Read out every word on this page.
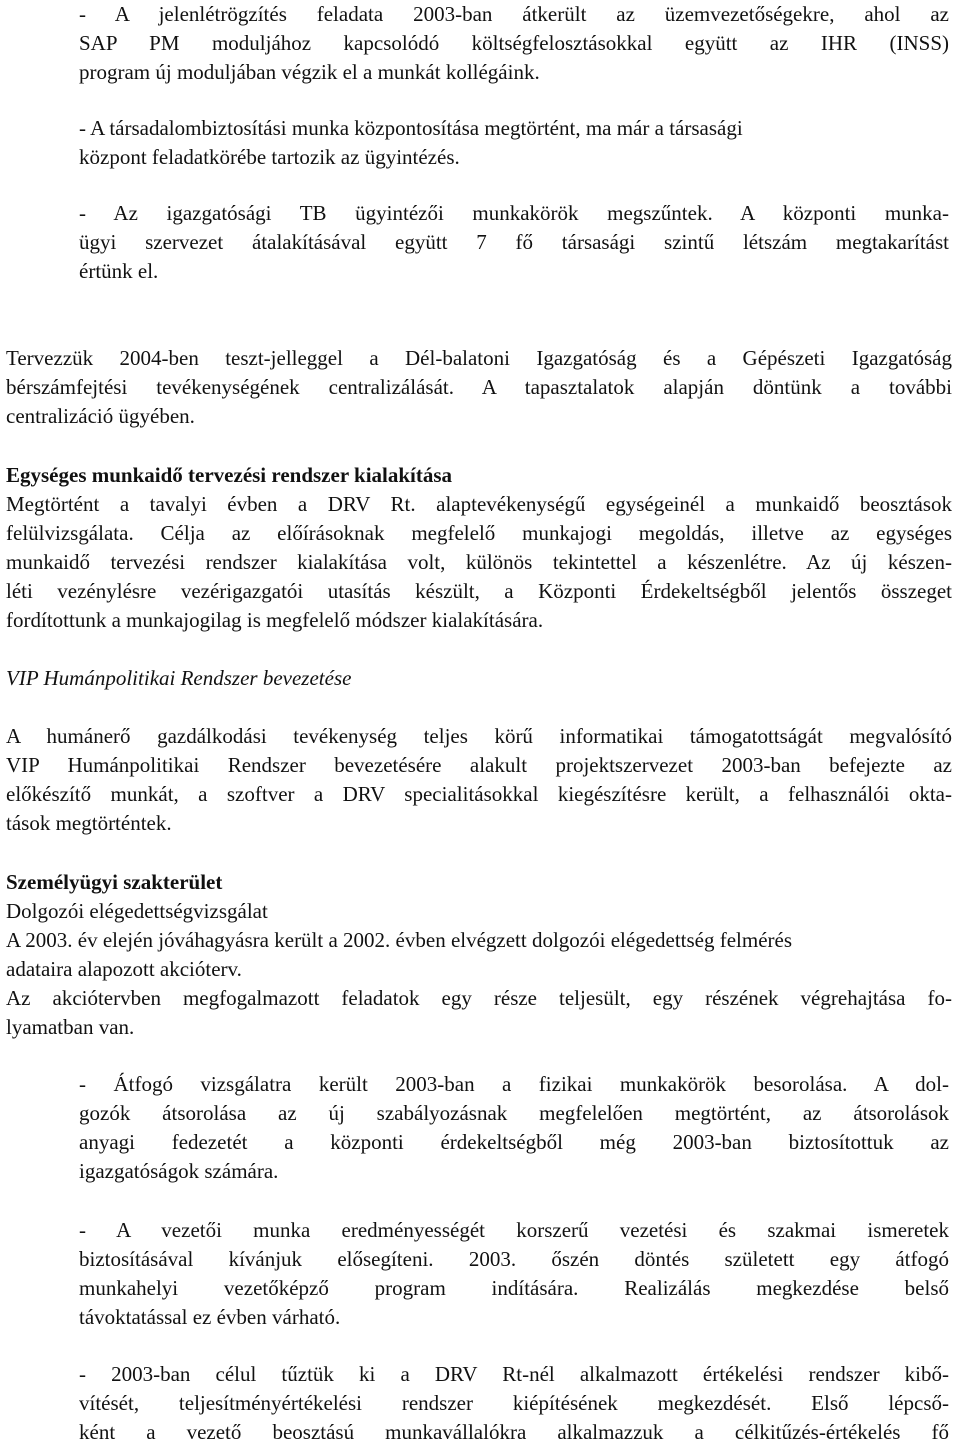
- A jelenlétrögzítés feladata 2003-ban átkerült az üzemvezetőségekre, ahol az
SAP PM moduljához kapcsolódó költségfelosztásokkal együtt az IHR (INSS)
program új moduljában végzik el a munkát kollégáink.
- A társadalombiztosítási munka központosítása megtörtént, ma már a társasági
központ feladatkörébe tartozik az ügyintézés.
- Az igazgatósági TB ügyintézői munkakörök megszűntek. A központi munka-
ügyi szervezet átalakításával együtt 7 fő társasági szintű létszám megtakarítást
értünk el.
Tervezzük 2004-ben teszt-jelleggel a Dél-balatoni Igazgatóság és a Gépészeti Igazgatóság
bérszámfejtési tevékenységének centralizálását. A tapasztalatok alapján döntünk a további
centralizáció ügyében.
Egységes munkaidő tervezési rendszer kialakítása
Megtörtént a tavalyi évben a DRV Rt. alaptevékenységű egységeinél a munkaidő beosztások
felülvizsgálata. Célja az előírásoknak megfelelő munkajogi megoldás, illetve az egységes
munkaidő tervezési rendszer kialakítása volt, különös tekintettel a készenlétre. Az új készen-
léti vezénylésre vezérigazgatói utasítás készült, a Központi Érdekeltségből jelentős összeget
fordítottunk a munkajogilag is megfelelő módszer kialakítására.
VIP Humánpolitikai Rendszer bevezetése
A humánerő gazdálkodási tevékenység teljes körű informatikai támogatottságát megvalósító
VIP Humánpolitikai Rendszer bevezetésére alakult projektszervezet 2003-ban befejezte az
előkészítő munkát, a szoftver a DRV specialitásokkal kiegészítésre került, a felhasználói okta-
tások megtörténtek.
Személyügyi szakterület
Dolgozói elégedettségvizsgálat
A 2003. év elején jóváhagyásra került a 2002. évben elvégzett dolgozói elégedettség felmérés
adataira alapozott akcióterv.
Az akciótervben megfogalmazott feladatok egy része teljesült, egy részének végrehajtása fo-
lyamatban van.
- Átfogó vizsgálatra került 2003-ban a fizikai munkakörök besorolása. A dol-
gozók átsorolása az új szabályozásnak megfelelően megtörtént, az átsorolások
anyagi fedezetét a központi érdekeltségből még 2003-ban biztosítottuk az
igazgatóságok számára.
- A vezetői munka eredményességét korszerű vezetési és szakmai ismeretek
biztosításával kívánjuk elősegíteni. 2003. őszén döntés született egy átfogó
munkahelyi vezetőképző program indítására. Realizálás megkezdése belső
távoktatással ez évben várható.
- 2003-ban célul tűztük ki a DRV Rt-nél alkalmazott értékelési rendszer kibő-
vítését, teljesítményértékelési rendszer kiépítésének megkezdését. Első lépcső-
ként a vezető beosztású munkavállalókra alkalmazzuk a célkitűzés-értékelés fő
